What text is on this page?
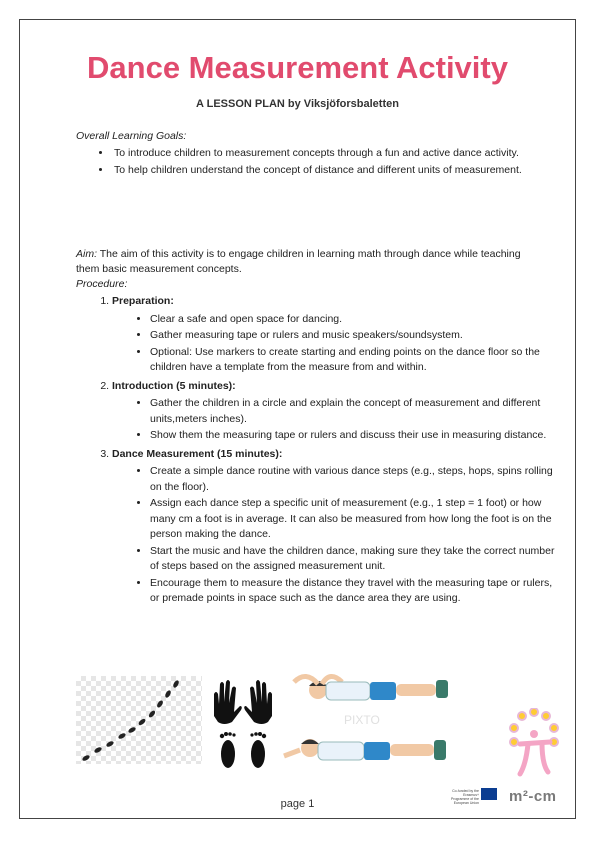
Dance Measurement Activity
A LESSON PLAN by Viksjöforsbaletten
Overall Learning Goals:
• To introduce children to measurement concepts through a fun and active dance activity.
• To help children understand the concept of distance and different units of measurement.
Aim: The aim of this activity is to engage children in learning math through dance while teaching them basic measurement concepts.
Procedure:
1. Preparation:
• Clear a safe and open space for dancing.
• Gather measuring tape or rulers and music speakers/soundsystem.
• Optional: Use markers to create starting and ending points on the dance floor so the children have a template from the measure from and within.
2. Introduction (5 minutes):
• Gather the children in a circle and explain the concept of measurement and different units,meters inches).
• Show them the measuring tape or rulers and discuss their use in measuring distance.
3. Dance Measurement (15 minutes):
• Create a simple dance routine with various dance steps (e.g., steps, hops, spins rolling on the floor).
• Assign each dance step a specific unit of measurement (e.g., 1 step = 1 foot) or how many cm a foot is in average. It can also be measured from how long the foot is on the person making the dance.
• Start the music and have the children dance, making sure they take the correct number of steps based on the assigned measurement unit.
• Encourage them to measure the distance they travel with the measuring tape or rulers, or premade points in space such as the dance area they are using.
PIXTO
page 1
Co-funded by the Erasmus+ Programme of the European Union m²-cm
